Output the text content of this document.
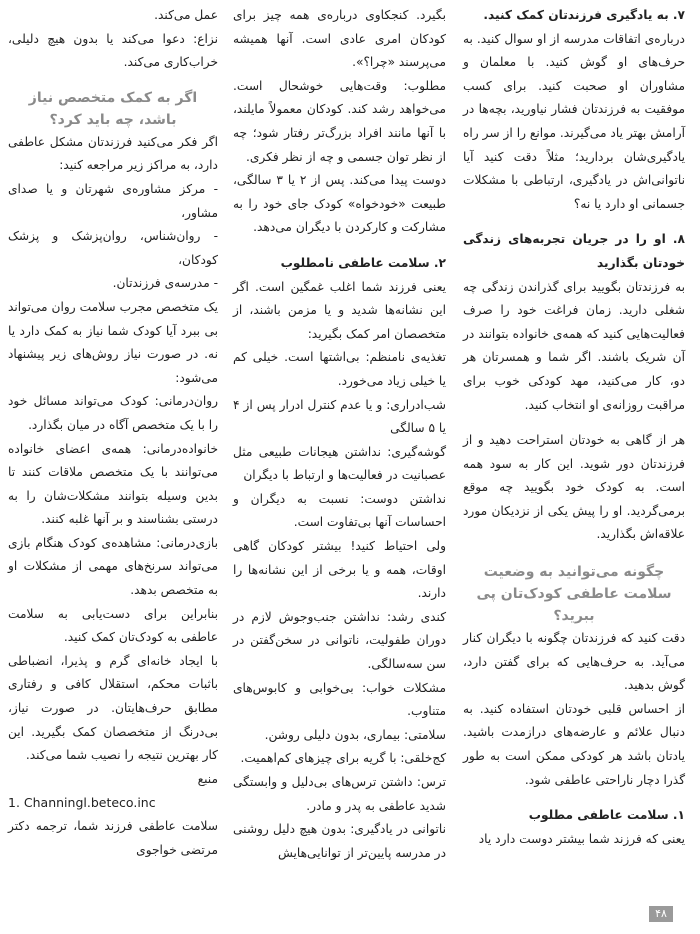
۷. به یادگیری فرزندتان کمک کنید.

درباره‌ی اتفاقات مدرسه از او سوال کنید. به حرف‌های او گوش کنید. با معلمان و مشاوران او صحبت کنید. برای کسب موفقیت به فرزندتان فشار نیاورید، بچه‌ها در آرامش بهتر یاد می‌گیرند. موانع را از سر راه یادگیری‌شان بردارید؛ مثلاً دقت کنید آیا ناتوانی‌اش در یادگیری، ارتباطی با مشکلات جسمانی او دارد یا نه؟

۸. او را در جریان تجربه‌های زندگی خودتان بگذارید

به فرزندتان بگویید برای گذراندن زندگی چه شغلی دارید. زمان فراغت خود را صرف فعالیت‌هایی کنید که همه‌ی خانواده بتوانند در آن شریک باشند. اگر شما و همسرتان هر دو، کار می‌کنید، مهد کودکی خوب برای مراقبت روزانه‌ی او انتخاب کنید.

هر از گاهی به خودتان استراحت دهید و از فرزندتان دور شوید. این کار به سود همه است. به کودک خود بگویید چه موقع برمی‌گردید. او را پیش یکی از نزدیکان مورد علاقه‌اش بگذارید.

چگونه می‌توانید به وضعیت سلامت عاطفی کودک‌تان پی ببرید؟

دقت کنید که فرزندتان چگونه با دیگران کنار می‌آید. به حرف‌هایی که برای گفتن دارد، گوش بدهید.

از احساس قلبی خودتان استفاده کنید. به دنبال علائم و عارضه‌های درازمدت باشید. یادتان باشد هر کودکی ممکن است به طور گذرا دچار ناراحتی عاطفی شود.

۱. سلامت عاطفی مطلوب

یعنی که فرزند شما بیشتر دوست دارد یاد

بگیرد. کنجکاوی درباره‌ی همه چیز برای کودکان امری عادی است. آنها همیشه می‌پرسند «چرا؟».

مطلوب: وقت‌هایی خوشحال است. می‌خواهد رشد کند. کودکان معمولاً مایلند، با آنها مانند افراد بزرگ‌تر رفتار شود؛ چه از نظر توان جسمی و چه از نظر فکری.

دوست پیدا می‌کند. پس از ۲ یا ۳ سالگی، طبیعت «خودخواه» کودک جای خود را به مشارکت و کارکردن با دیگران می‌دهد.

۲. سلامت عاطفی نامطلوب

یعنی فرزند شما اغلب غمگین است. اگر این نشانه‌ها شدید و یا مزمن باشند، از متخصصان امر کمک بگیرید:

تغذیه‌ی نامنظم: بی‌اشتها است. خیلی کم یا خیلی زیاد می‌خورد.

شب‌ادراری: و یا عدم کنترل ادرار پس از ۴ یا ۵ سالگی

گوشه‌گیری: نداشتن هیجانات طبیعی مثل عصبانیت در فعالیت‌ها و ارتباط با دیگران

نداشتن دوست: نسبت به دیگران و احساسات آنها بی‌تفاوت است.

ولی احتیاط کنید! بیشتر کودکان گاهی اوقات، همه و یا برخی از این نشانه‌ها را دارند.

کندی رشد: نداشتن جنب‌وجوش لازم در دوران طفولیت، ناتوانی در سخن‌گفتن در سن سه‌سالگی.

مشکلات خواب: بی‌خوابی و کابوس‌های متناوب.

سلامتی: بیماری، بدون دلیلی روشن.

کج‌خلقی: با گریه برای چیزهای کم‌اهمیت.

ترس: داشتن ترس‌های بی‌دلیل و وابستگی شدید عاطفی به پدر و مادر.

ناتوانی در یادگیری: بدون هیچ دلیل روشنی در مدرسه پایین‌تر از توانایی‌هایش

عمل می‌کند.

نزاع: دعوا می‌کند یا بدون هیچ دلیلی، خراب‌کاری می‌کند.

اگر به کمک متخصص نیاز باشد، چه باید کرد؟

اگر فکر می‌کنید فرزندتان مشکل عاطفی دارد، به مراکز زیر مراجعه کنید:

- مرکز مشاوره‌ی شهرتان و یا صدای مشاور،

- روان‌شناس، روان‌پزشک و پزشک کودکان،

- مدرسه‌ی فرزندتان.

یک متخصص مجرب سلامت روان می‌تواند بی ببرد آیا کودک شما نیاز به کمک دارد یا نه. در صورت نیاز روش‌های زیر پیشنهاد می‌شود:

روان‌درمانی: کودک می‌تواند مسائل خود را با یک متخصص آگاه در میان بگذارد.

خانواده‌درمانی: همه‌ی اعضای خانواده می‌توانند با یک متخصص ملاقات کنند تا بدین وسیله بتوانند مشکلات‌شان را به درستی بشناسند و بر آنها غلبه کنند.

بازی‌درمانی: مشاهده‌ی کودک هنگام بازی می‌تواند سرنخ‌های مهمی از مشکلات او به متخصص بدهد.

بنابراین برای دست‌یابی به سلامت عاطفی به کودک‌تان کمک کنید.

با ایجاد خانه‌ای گرم و پذیرا، انضباطی باثبات محکم، استقلال کافی و رفتاری مطابق حرف‌هایتان. در صورت نیاز، بی‌درنگ از متخصصان کمک بگیرید. این کار بهترین نتیجه را نصیب شما می‌کند.

منبع

1. Channingl.beteco.inc

سلامت عاطفی فرزند شما، ترجمه دکتر مرتضی خواجوی

۴۸
